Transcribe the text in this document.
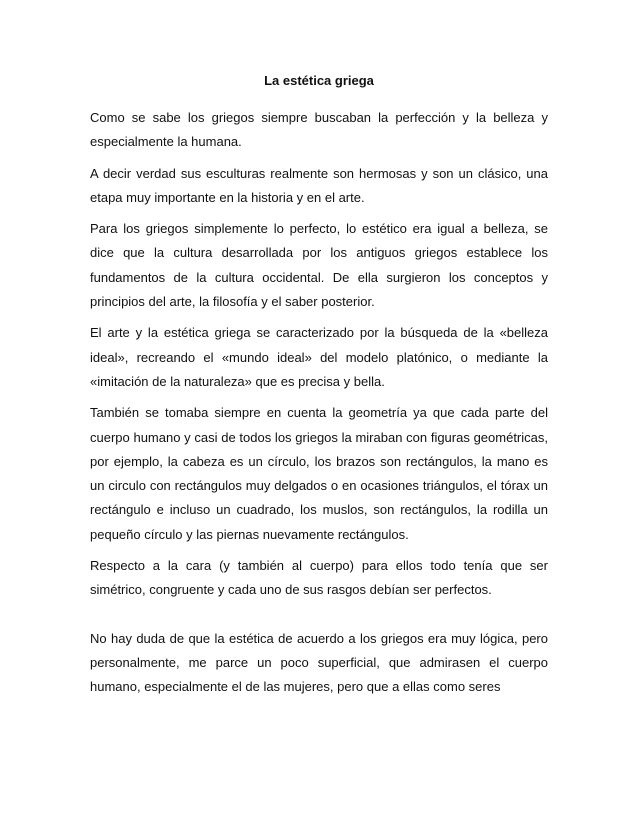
La estética griega

Como se sabe los griegos siempre buscaban la perfección y la belleza y especialmente la humana.

A decir verdad sus esculturas realmente son hermosas y son un clásico, una etapa muy importante en la historia y en el arte.

Para los griegos simplemente lo perfecto, lo estético era igual a belleza, se dice que la cultura desarrollada por los antiguos griegos establece los fundamentos de la cultura occidental. De ella surgieron los conceptos y principios del arte, la filosofía y el saber posterior.

El arte y la estética griega se caracterizado por la búsqueda de la «belleza ideal», recreando el «mundo ideal» del modelo platónico, o mediante la «imitación de la naturaleza» que es precisa y bella.

También se tomaba siempre en cuenta la geometría ya que cada parte del cuerpo humano y casi de todos los griegos la miraban con figuras geométricas, por ejemplo, la cabeza es un círculo, los brazos son rectángulos, la mano es un circulo con rectángulos muy delgados o en ocasiones triángulos, el tórax un rectángulo e incluso un cuadrado, los muslos, son rectángulos, la rodilla un pequeño círculo y las piernas nuevamente rectángulos.

Respecto a la cara (y también al cuerpo) para ellos todo tenía que ser simétrico, congruente y cada uno de sus rasgos debían ser perfectos.

No hay duda de que la estética de acuerdo a los griegos era muy lógica, pero personalmente, me parce un poco superficial, que admirasen el cuerpo humano, especialmente el de las mujeres, pero que a ellas como seres
